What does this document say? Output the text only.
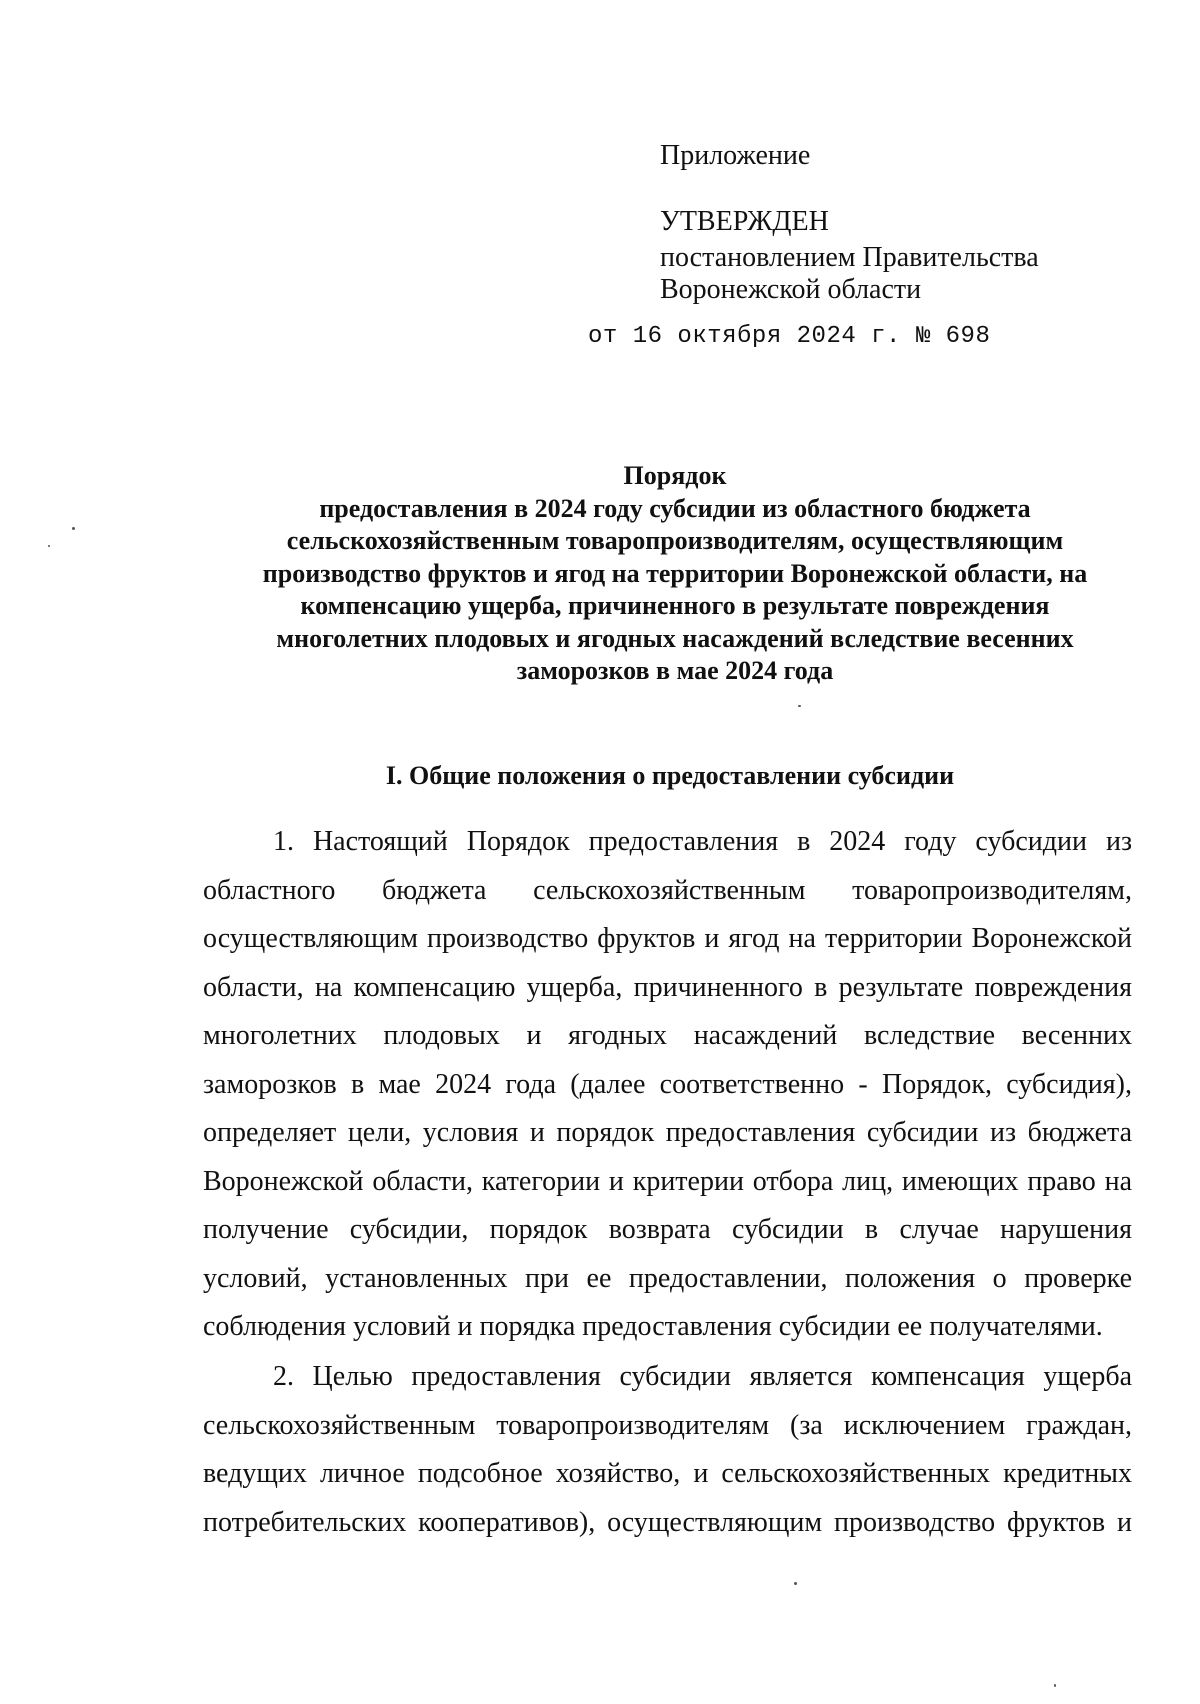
Приложение
УТВЕРЖДЕН
постановлением Правительства
Воронежской области
от 16 октября 2024 г. № 698
Порядок
предоставления в 2024 году субсидии из областного бюджета
сельскохозяйственным товаропроизводителям, осуществляющим
производство фруктов и ягод на территории Воронежской области, на
компенсацию ущерба, причиненного в результате повреждения
многолетних плодовых и ягодных насаждений вследствие весенних
заморозков в мае 2024 года
I. Общие положения о предоставлении субсидии
1. Настоящий Порядок предоставления в 2024 году субсидии из
областного бюджета сельскохозяйственным товаропроизводителям,
осуществляющим производство фруктов и ягод на территории Воронежской
области, на компенсацию ущерба, причиненного в результате повреждения
многолетних плодовых и ягодных насаждений вследствие весенних
заморозков в мае 2024 года (далее соответственно - Порядок, субсидия),
определяет цели, условия и порядок предоставления субсидии из бюджета
Воронежской области, категории и критерии отбора лиц, имеющих право на
получение субсидии, порядок возврата субсидии в случае нарушения
условий, установленных при ее предоставлении, положения о проверке
соблюдения условий и порядка предоставления субсидии ее получателями.
2. Целью предоставления субсидии является компенсация ущерба
сельскохозяйственным товаропроизводителям (за исключением граждан,
ведущих личное подсобное хозяйство, и сельскохозяйственных кредитных
потребительских кооперативов), осуществляющим производство фруктов и
